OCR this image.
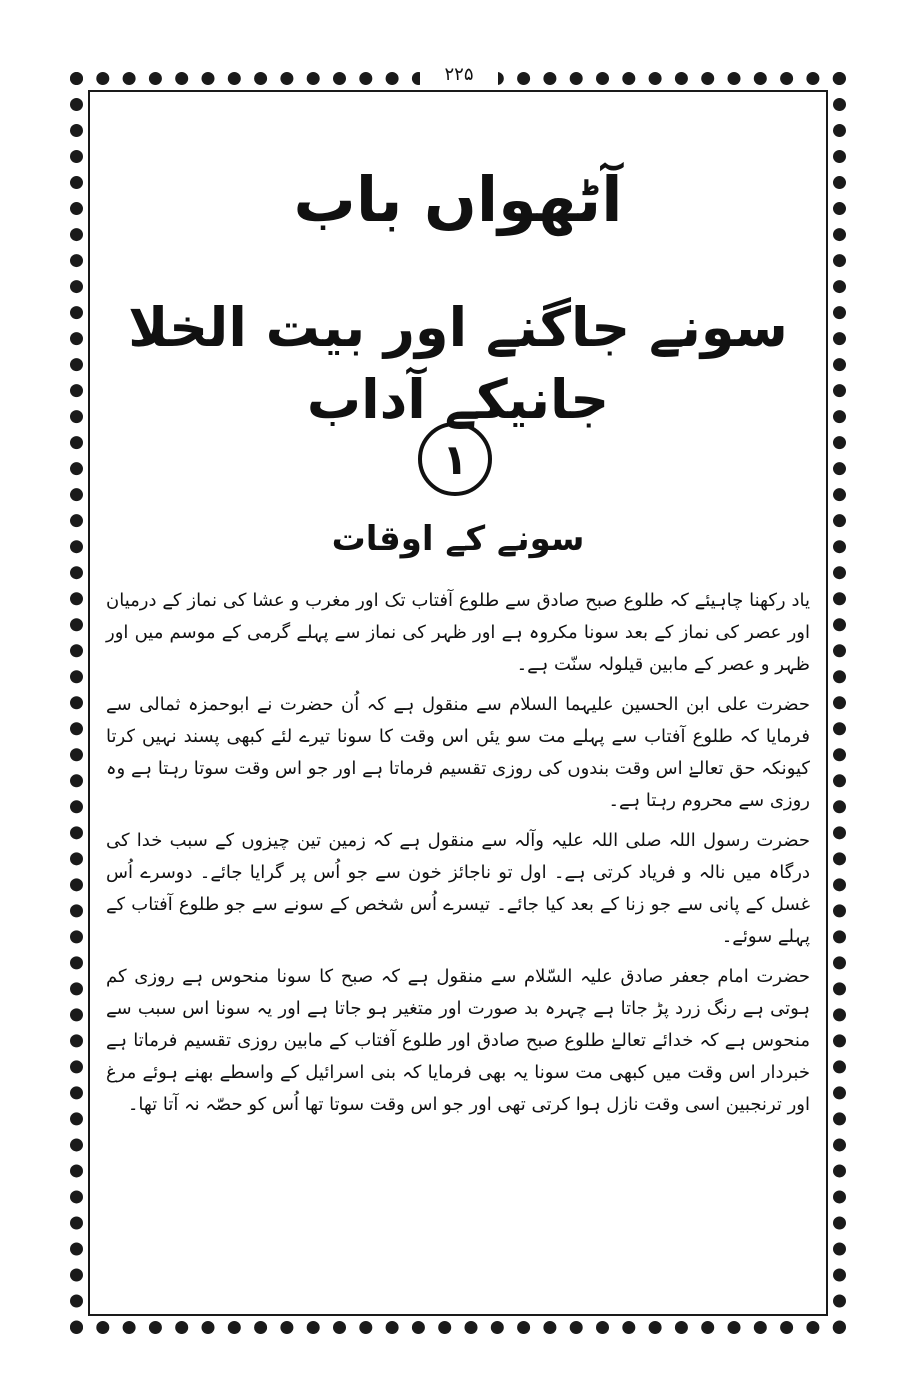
۲۲۵
آٹھواں باب
سونے جاگنے اور بیت الخلا جانیکے آداب
۱
سونے کے اوقات

یاد رکھنا چاہیئے کہ طلوع صبح صادق سے طلوع آفتاب تک اور مغرب و عشا کی نماز کے درمیان اور عصر کی نماز کے بعد سونا مکروہ ہے اور ظہر کی نماز سے پہلے گرمی کے موسم میں اور ظہر و عصر کے مابین قیلولہ سنّت ہے۔

حضرت علی ابن الحسین علیہما السلام سے منقول ہے کہ اُن حضرت نے ابوحمزہ ثمالی سے فرمایا کہ طلوع آفتاب سے پہلے مت سو یئں اس وقت کا سونا تیرے لئے کبھی پسند نہیں کرتا کیونکہ حق تعالےٰ اس وقت بندوں کی روزی تقسیم فرماتا ہے اور جو اس وقت سوتا رہتا ہے وہ روزی سے محروم رہتا ہے۔

حضرت رسول اللہ صلی اللہ علیہ وآلہ سے منقول ہے کہ زمین تین چیزوں کے سبب خدا کی درگاہ میں نالہ و فریاد کرتی ہے۔ اول تو ناجائز خون سے جو اُس پر گرایا جائے۔ دوسرے اُس غسل کے پانی سے جو زنا کے بعد کیا جائے۔ تیسرے اُس شخص کے سونے سے جو طلوع آفتاب کے پہلے سوئے۔

حضرت امام جعفر صادق علیہ السّلام سے منقول ہے کہ صبح کا سونا منحوس ہے روزی کم ہوتی ہے رنگ زرد پڑ جاتا ہے چہرہ بد صورت اور متغیر ہو جاتا ہے اور یہ سونا اس سبب سے منحوس ہے کہ خدائے تعالےٰ طلوع صبح صادق اور طلوع آفتاب کے مابین روزی تقسیم فرماتا ہے خبردار اس وقت میں کبھی مت سونا یہ بھی فرمایا کہ بنی اسرائیل کے واسطے بھنے ہوئے مرغ اور ترنجبین اسی وقت نازل ہوا کرتی تھی اور جو اس وقت سوتا تھا اُس کو حصّہ نہ آتا تھا۔
